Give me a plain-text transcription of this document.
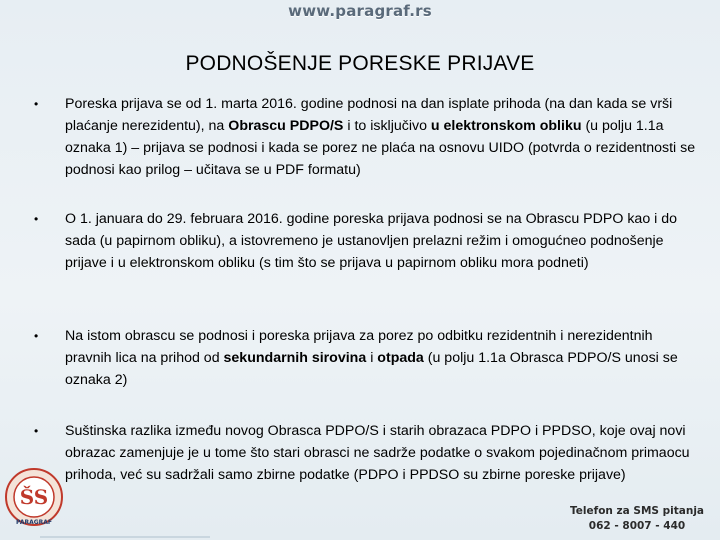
www.paragraf.rs
PODNOŠENJE PORESKE PRIJAVE
• Poreska prijava se od 1. marta 2016. godine podnosi na dan isplate prihoda (na dan kada se vrši plaćanje nerezidentu), na Obrascu PDPO/S i to isključivo u elektronskom obliku (u polju 1.1a oznaka 1) – prijava se podnosi i kada se porez ne plaća na osnovu UIDO (potvrda o rezidentnosti se podnosi kao prilog – učitava se u PDF formatu)
• O 1. januara do 29. februara 2016. godine poreska prijava podnosi se na Obrascu PDPO kao i do sada (u papirnom obliku), a istovremeno je ustanovljen prelazni režim i omogućneo podnošenje prijave i u elektronskom obliku (s tim što se prijava u papirnom obliku mora podneti)
• Na istom obrascu se podnosi i poreska prijava za porez po odbitku rezidentnih i nerezidentnih pravnih lica na prihod od sekundarnih sirovina i otpada (u polju 1.1a Obrasca PDPO/S unosi se oznaka 2)
• Suštinska razlika između novog Obrasca PDPO/S i starih obrazaca PDPO i PPDSO, koje ovaj novi obrazac zamenjuje je u tome što stari obrasci ne sadrže podatke o svakom pojedinačnom primaocu prihoda, već su sadržali samo zbirne podatke (PDPO i PPDSO su zbirne poreske prijave)
ŠS
PARAGRAF
Telefon za SMS pitanja
062 - 8007 - 440
